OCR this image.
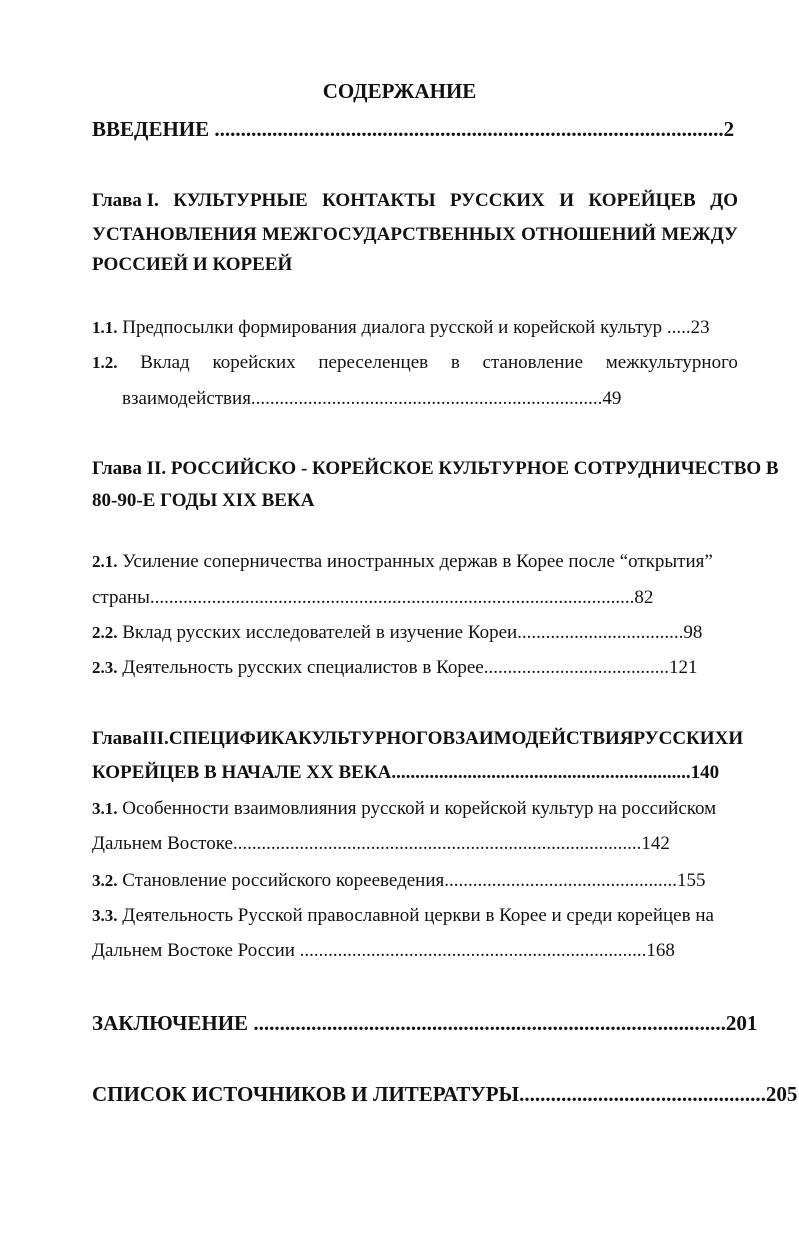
СОДЕРЖАНИЕ
ВВЕДЕНИЕ .................................................................................................2
Глава I. КУЛЬТУРНЫЕ КОНТАКТЫ РУССКИХ И КОРЕЙЦЕВ ДО
УСТАНОВЛЕНИЯ МЕЖГОСУДАРСТВЕННЫХ ОТНОШЕНИЙ МЕЖДУ
РОССИЕЙ И КОРЕЕЙ
1.1. Предпосылки формирования диалога русской и корейской культур .....23
1.2. Вклад корейских переселенцев в становление межкультурного
взаимодействия..........................................................................49
Глава II. РОССИЙСКО - КОРЕЙСКОЕ КУЛЬТУРНОЕ СОТРУДНИЧЕСТВО В
80-90-Е ГОДЫ XIX ВЕКА
2.1. Усиление соперничества иностранных держав в Корее после “открытия”
страны......................................................................................................82
2.2. Вклад русских исследователей в изучение Кореи...................................98
2.3. Деятельность русских специалистов в Корее.......................................121
Глава III. СПЕЦИФИКА КУЛЬТУРНОГО ВЗАИМОДЕЙСТВИЯ РУССКИХ И
КОРЕЙЦЕВ В НАЧАЛЕ XX ВЕКА...............................................................140
3.1. Особенности взаимовлияния русской и корейской культур на российском
Дальнем Востоке......................................................................................142
3.2. Становление российского корееведения.................................................155
3.3. Деятельность Русской православной церкви в Корее и среди корейцев на
Дальнем Востоке России .........................................................................168
ЗАКЛЮЧЕНИЕ ..........................................................................................201
СПИСОК ИСТОЧНИКОВ И ЛИТЕРАТУРЫ...............................................205
